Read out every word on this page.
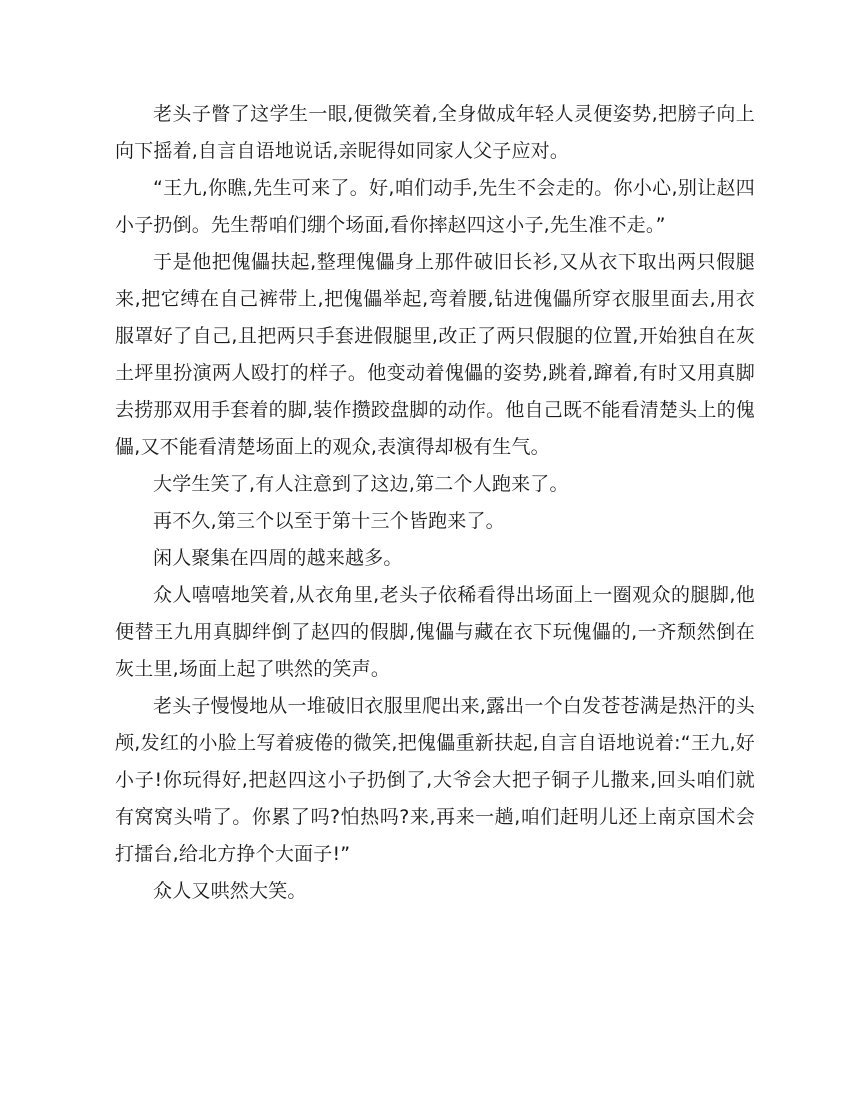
老头子瞥了这学生一眼,便微笑着,全身做成年轻人灵便姿势,把膀子向上向下摇着,自言自语地说话,亲昵得如同家人父子应对。

“王九,你瞧,先生可来了。好,咱们动手,先生不会走的。你小心,别让赵四小子扔倒。先生帮咱们绷个场面,看你摔赵四这小子,先生准不走。”

于是他把傀儡扶起,整理傀儡身上那件破旧长衫,又从衣下取出两只假腿来,把它缚在自己裤带上,把傀儡举起,弯着腰,钻进傀儡所穿衣服里面去,用衣服罩好了自己,且把两只手套进假腿里,改正了两只假腿的位置,开始独自在灰土坪里扮演两人殴打的样子。他变动着傀儡的姿势,跳着,蹿着,有时又用真脚去捞那双用手套着的脚,装作攒跤盘脚的动作。他自己既不能看清楚头上的傀儡,又不能看清楚场面上的观众,表演得却极有生气。

大学生笑了,有人注意到了这边,第二个人跑来了。

再不久,第三个以至于第十三个皆跑来了。

闲人聚集在四周的越来越多。

众人嘻嘻地笑着,从衣角里,老头子依稀看得出场面上一圈观众的腿脚,他便替王九用真脚绊倒了赵四的假脚,傀儡与藏在衣下玩傀儡的,一齐颓然倒在灰土里,场面上起了哄然的笑声。

老头子慢慢地从一堆破旧衣服里爬出来,露出一个白发苍苍满是热汗的头颅,发红的小脸上写着疲倦的微笑,把傀儡重新扶起,自言自语地说着:“王九,好小子!你玩得好,把赵四这小子扔倒了,大爷会大把子铜子儿撒来,回头咱们就有窝窝头啃了。你累了吗?怕热吗?来,再来一趟,咱们赶明儿还上南京国术会打擂台,给北方挣个大面子!”

众人又哄然大笑。
